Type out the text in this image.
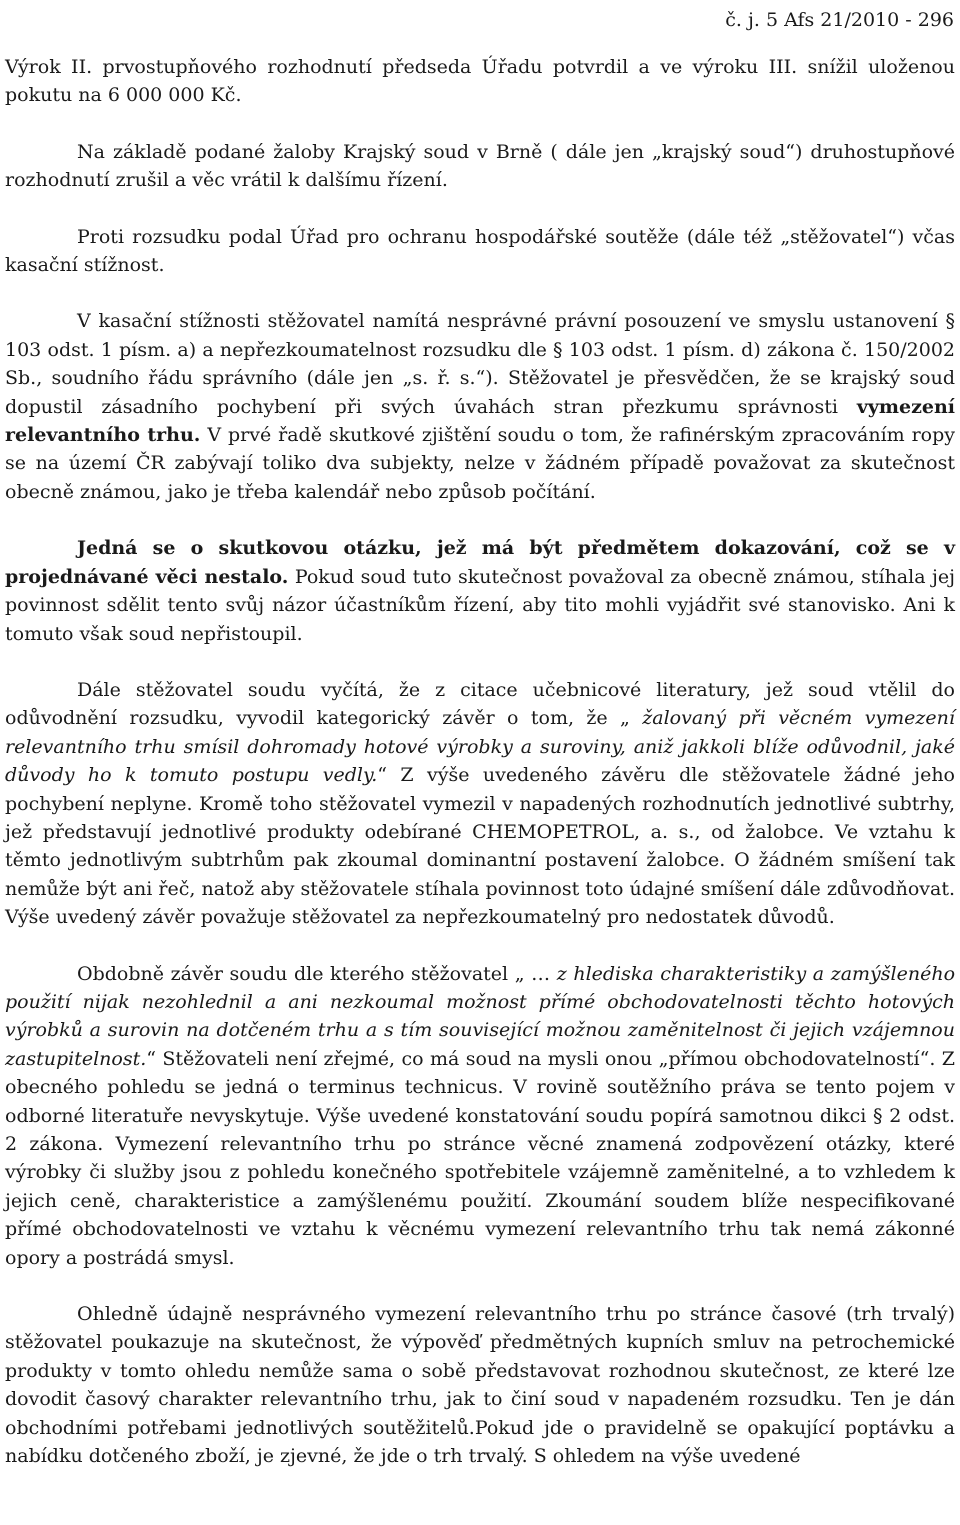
č. j. 5 Afs 21/2010 - 296

Výrok II. prvostupňového rozhodnutí předseda Úřadu potvrdil a ve výroku III. snížil uloženou pokutu na 6 000 000 Kč.

Na základě podané žaloby Krajský soud v Brně ( dále jen „krajský soud“) druhostupňové rozhodnutí zrušil a věc vrátil k dalšímu řízení.

Proti rozsudku podal Úřad pro ochranu hospodářské soutěže (dále též „stěžovatel“) včas kasační stížnost.

V kasační stížnosti stěžovatel namítá nesprávné právní posouzení ve smyslu ustanovení § 103 odst. 1 písm. a) a nepřezkoumatelnost rozsudku dle § 103 odst. 1 písm. d) zákona č. 150/2002 Sb., soudního řádu správního (dále jen „s. ř. s.“). Stěžovatel je přesvědčen, že se krajský soud dopustil zásadního pochybení při svých úvahách stran přezkumu správnosti vymezení relevantního trhu. V prvé řadě skutkové zjištění soudu o tom, že rafinérským zpracováním ropy se na území ČR zabývají toliko dva subjekty, nelze v žádném případě považovat za skutečnost obecně známou, jako je třeba kalendář nebo způsob počítání.

Jedná se o skutkovou otázku, jež má být předmětem dokazování, což se v projednávané věci nestalo. Pokud soud tuto skutečnost považoval za obecně známou, stíhala jej povinnost sdělit tento svůj názor účastníkům řízení, aby tito mohli vyjádřit své stanovisko. Ani k tomuto však soud nepřistoupil.

Dále stěžovatel soudu vyčítá, že z citace učebnicové literatury, jež soud vtělil do odůvodnění rozsudku, vyvodil kategorický závěr o tom, že „ žalovaný při věcném vymezení relevantního trhu smísil dohromady hotové výrobky a suroviny, aniž jakkoli blíže odůvodnil, jaké důvody ho k tomuto postupu vedly.“ Z výše uvedeného závěru dle stěžovatele žádné jeho pochybení neplyne. Kromě toho stěžovatel vymezil v napadených rozhodnutích jednotlivé subtrhy, jež představují jednotlivé produkty odebírané CHEMOPETROL, a. s., od žalobce. Ve vztahu k těmto jednotlivým subtrhům pak zkoumal dominantní postavení žalobce. O žádném smíšení tak nemůže být ani řeč, natož aby stěžovatele stíhala povinnost toto údajné smíšení dále zdůvodňovat. Výše uvedený závěr považuje stěžovatel za nepřezkoumatelný pro nedostatek důvodů.

Obdobně závěr soudu dle kterého stěžovatel „ … z hlediska charakteristiky a zamýšleného použití nijak nezohlednil a ani nezkoumal možnost přímé obchodovatelnosti těchto hotových výrobků a surovin na dotčeném trhu a s tím související možnou zaměnitelnost či jejich vzájemnou zastupitelnost.“ Stěžovateli není zřejmé, co má soud na mysli onou „přímou obchodovatelností“. Z obecného pohledu se jedná o terminus technicus. V rovině soutěžního práva se tento pojem v odborné literatuře nevyskytuje. Výše uvedené konstatování soudu popírá samotnou dikci § 2 odst. 2 zákona. Vymezení relevantního trhu po stránce věcné znamená zodpovězení otázky, které výrobky či služby jsou z pohledu konečného spotřebitele vzájemně zaměnitelné, a to vzhledem k jejich ceně, charakteristice a zamýšlenému použití. Zkoumání soudem blíže nespecifikované přímé obchodovatelnosti ve vztahu k věcnému vymezení relevantního trhu tak nemá zákonné opory a postrádá smysl.

Ohledně údajně nesprávného vymezení relevantního trhu po stránce časové (trh trvalý) stěžovatel poukazuje na skutečnost, že výpověď předmětných kupních smluv na petrochemické produkty v tomto ohledu nemůže sama o sobě představovat rozhodnou skutečnost, ze které lze dovodit časový charakter relevantního trhu, jak to činí soud v napadeném rozsudku. Ten je dán obchodními potřebami jednotlivých soutěžitelů.Pokud jde o pravidelně se opakující poptávku a nabídku dotčeného zboží, je zjevné, že jde o trh trvalý. S ohledem na výše uvedené
